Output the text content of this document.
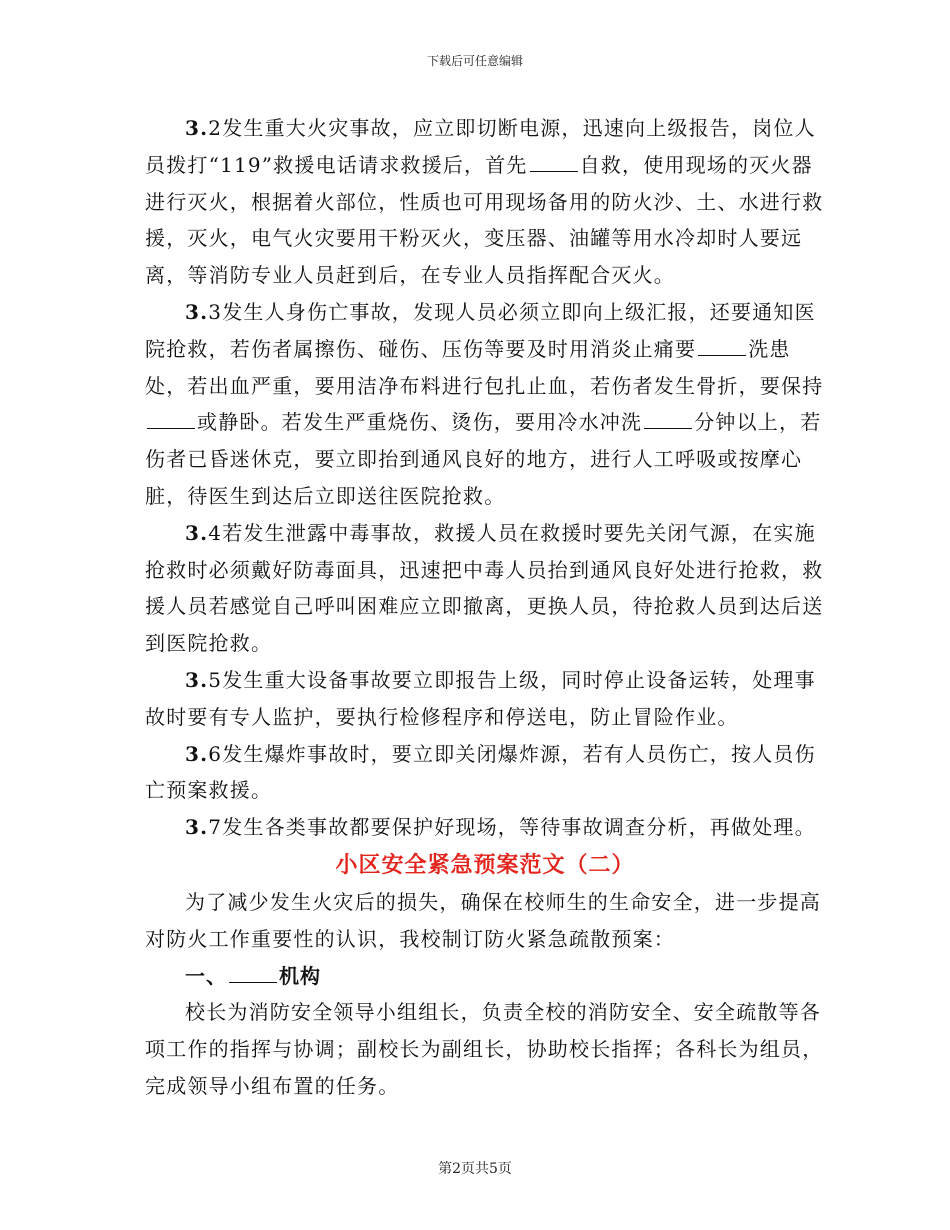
下载后可任意编辑

3.2发生重大火灾事故，应立即切断电源，迅速向上级报告，岗位人员拨打“119”救援电话请求救援后，首先	自救，使用现场的灭火器进行灭火，根据着火部位，性质也可用现场备用的防火沙、土、水进行救援，灭火，电气火灾要用干粉灭火，变压器、油罐等用水冷却时人要远离，等消防专业人员赶到后，在专业人员指挥配合灭火。

3.3发生人身伤亡事故，发现人员必须立即向上级汇报，还要通知医院抢救，若伤者属擦伤、碰伤、压伤等要及时用消炎止痛要	洗患处，若出血严重，要用洁净布料进行包扎止血，若伤者发生骨折，要保持或静卧。若发生严重烧伤、烫伤，要用冷水冲洗	分钟以上，若伤者已昏迷休克，要立即抬到通风良好的地方，进行人工呼吸或按摩心脏，待医生到达后立即送往医院抢救。

3.4若发生泄露中毒事故，救援人员在救援时要先关闭气源，在实施抢救时必须戴好防毒面具，迅速把中毒人员抬到通风良好处进行抢救，救援人员若感觉自己呼叫困难应立即撤离，更换人员，待抢救人员到达后送到医院抢救。

3.5发生重大设备事故要立即报告上级，同时停止设备运转，处理事故时要有专人监护，要执行检修程序和停送电，防止冒险作业。

3.6发生爆炸事故时，要立即关闭爆炸源，若有人员伤亡，按人员伤亡预案救援。

3.7发生各类事故都要保护好现场，等待事故调查分析，再做处理。

小区安全紧急预案范文（二）

为了减少发生火灾后的损失，确保在校师生的生命安全，进一步提高对防火工作重要性的认识，我校制订防火紧急疏散预案：

一、	机构

校长为消防安全领导小组组长，负责全校的消防安全、安全疏散等各项工作的指挥与协调；副校长为副组长，协助校长指挥；各科长为组员，完成领导小组布置的任务。

第2页共5页
